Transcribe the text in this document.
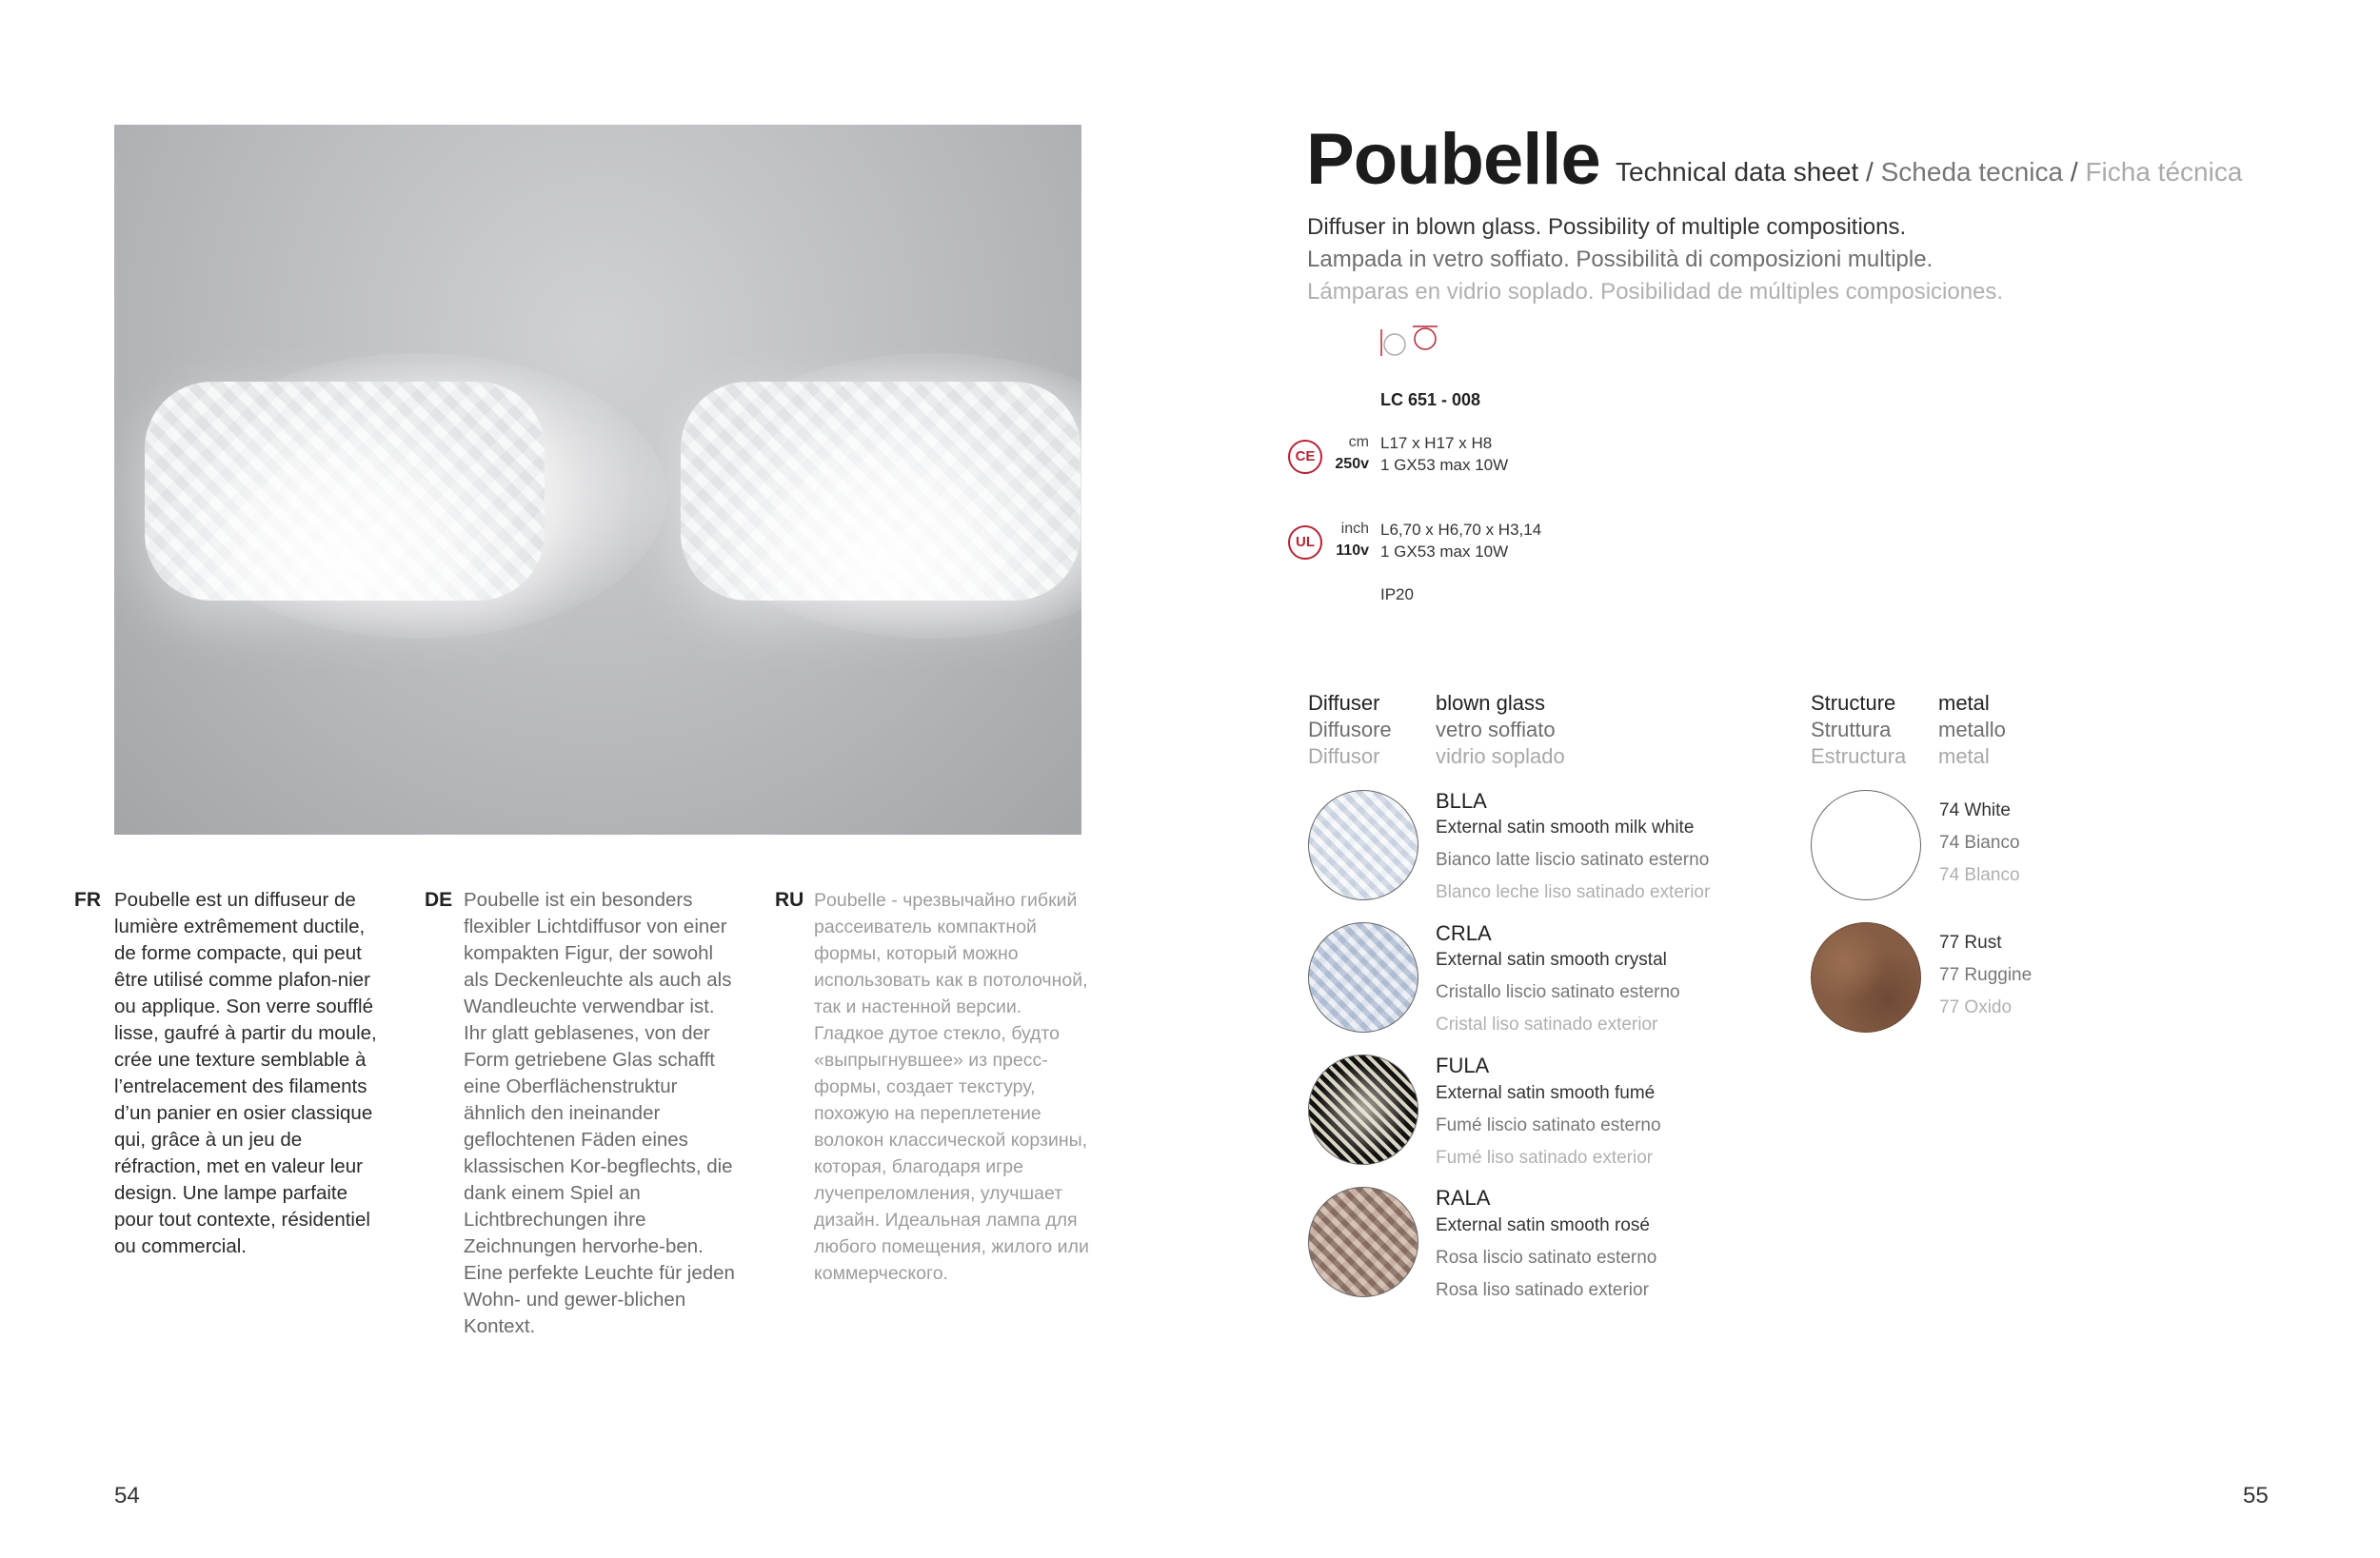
FR Poubelle est un diffuseur de lumière extrêmement ductile, de forme compacte, qui peut être utilisé comme plafon-nier ou applique. Son verre soufflé lisse, gaufré à partir du moule, crée une texture semblable à l’entrelacement des filaments d’un panier en osier classique qui, grâce à un jeu de réfraction, met en valeur leur design. Une lampe parfaite pour tout contexte, résidentiel ou commercial.
DE Poubelle ist ein besonders flexibler Lichtdiffusor von einer kompakten Figur, der sowohl als Deckenleuchte als auch als Wandleuchte verwendbar ist. Ihr glatt geblasenes, von der Form getriebene Glas schafft eine Oberflächenstruktur ähnlich den ineinander geflochtenen Fäden eines klassischen Kor-begflechts, die dank einem Spiel an Lichtbrechungen ihre Zeichnungen hervorhe-ben. Eine perfekte Leuchte für jeden Wohn- und gewer-blichen Kontext.
RU Poubelle - чрезвычайно гибкий рассеиватель компактной формы, который можно использовать как в потолочной, так и настенной версии. Гладкое дутое стекло, будто «выпрыгнувшее» из пресс-формы, создает текстуру, похожую на переплетение волокон классической корзины, которая, благодаря игре лучепреломления, улучшает дизайн. Идеальная лампа для любого помещения, жилого или коммерческого.
54
Poubelle Technical data sheet / Scheda tecnica / Ficha técnica
Diffuser in blown glass. Possibility of multiple compositions.
Lampada in vetro soffiato. Possibilità di composizioni multiple.
Lámparas en vidrio soplado. Posibilidad de múltiples composiciones.
LC 651 - 008
CE
cm
250v
L17 x H17 x H8
1 GX53 max 10W
UL
inch
110v
L6,70 x H6,70 x H3,14
1 GX53 max 10W
IP20
Diffuser
Diffusore
Diffusor
blown glass
vetro soffiato
vidrio soplado
BLLA
External satin smooth milk white
Bianco latte liscio satinato esterno
Blanco leche liso satinado exterior
CRLA
External satin smooth crystal
Cristallo liscio satinato esterno
Cristal liso satinado exterior
FULA
External satin smooth fumé
Fumé liscio satinato esterno
Fumé liso satinado exterior
RALA
External satin smooth rosé
Rosa liscio satinato esterno
Rosa liso satinado exterior
Structure
Struttura
Estructura
metal
metallo
metal
74 White
74 Bianco
74 Blanco
77 Rust
77 Ruggine
77 Oxido
55
